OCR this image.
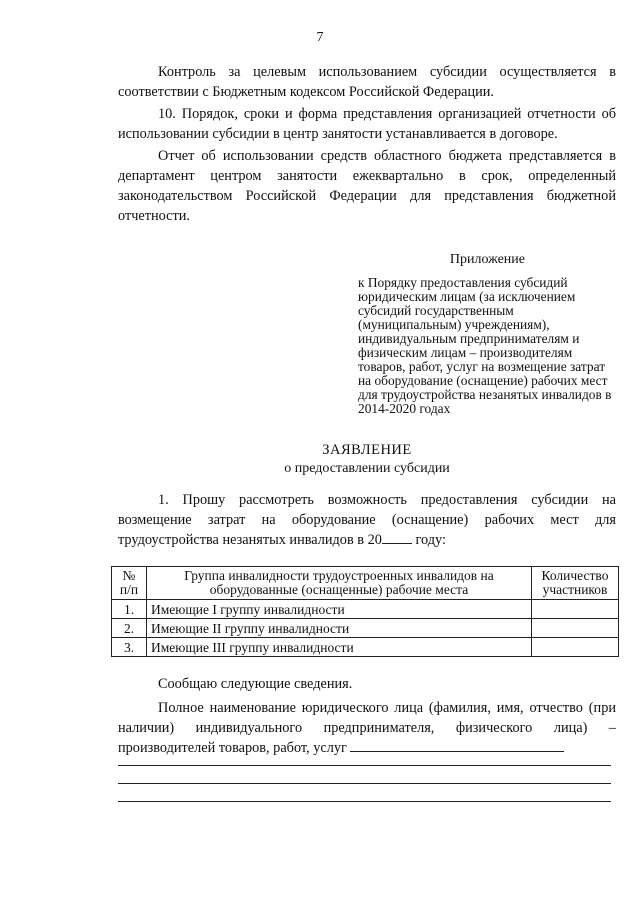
7

Контроль за целевым использованием субсидии осуществляется в соответствии с Бюджетным кодексом Российской Федерации.

10. Порядок, сроки и форма представления организацией отчетности об использовании субсидии в центр занятости устанавливается в договоре.

Отчет об использовании средств областного бюджета представляется в департамент центром занятости ежеквартально в срок, определенный законодательством Российской Федерации для представления бюджетной отчетности.

Приложение
к Порядку предоставления субсидий юридическим лицам (за исключением субсидий государственным (муниципальным) учреждениям), индивидуальным предпринимателям и физическим лицам – производителям товаров, работ, услуг на возмещение затрат на оборудование (оснащение) рабочих мест для трудоустройства незанятых инвалидов в 2014-2020 годах
ЗАЯВЛЕНИЕ
о предоставлении субсидии

1. Прошу рассмотреть возможность предоставления субсидии на возмещение затрат на оборудование (оснащение) рабочих мест для трудоустройства незанятых инвалидов в 20 году:

№ п/п	Группа инвалидности трудоустроенных инвалидов на оборудованные (оснащенные) рабочие места	Количество участников
1.	Имеющие I группу инвалидности	
2.	Имеющие II группу инвалидности	
3.	Имеющие III группу инвалидности	

Сообщаю следующие сведения.

Полное наименование юридического лица (фамилия, имя, отчество (при наличии) индивидуального предпринимателя, физического лица) – производителей товаров, работ, услуг
